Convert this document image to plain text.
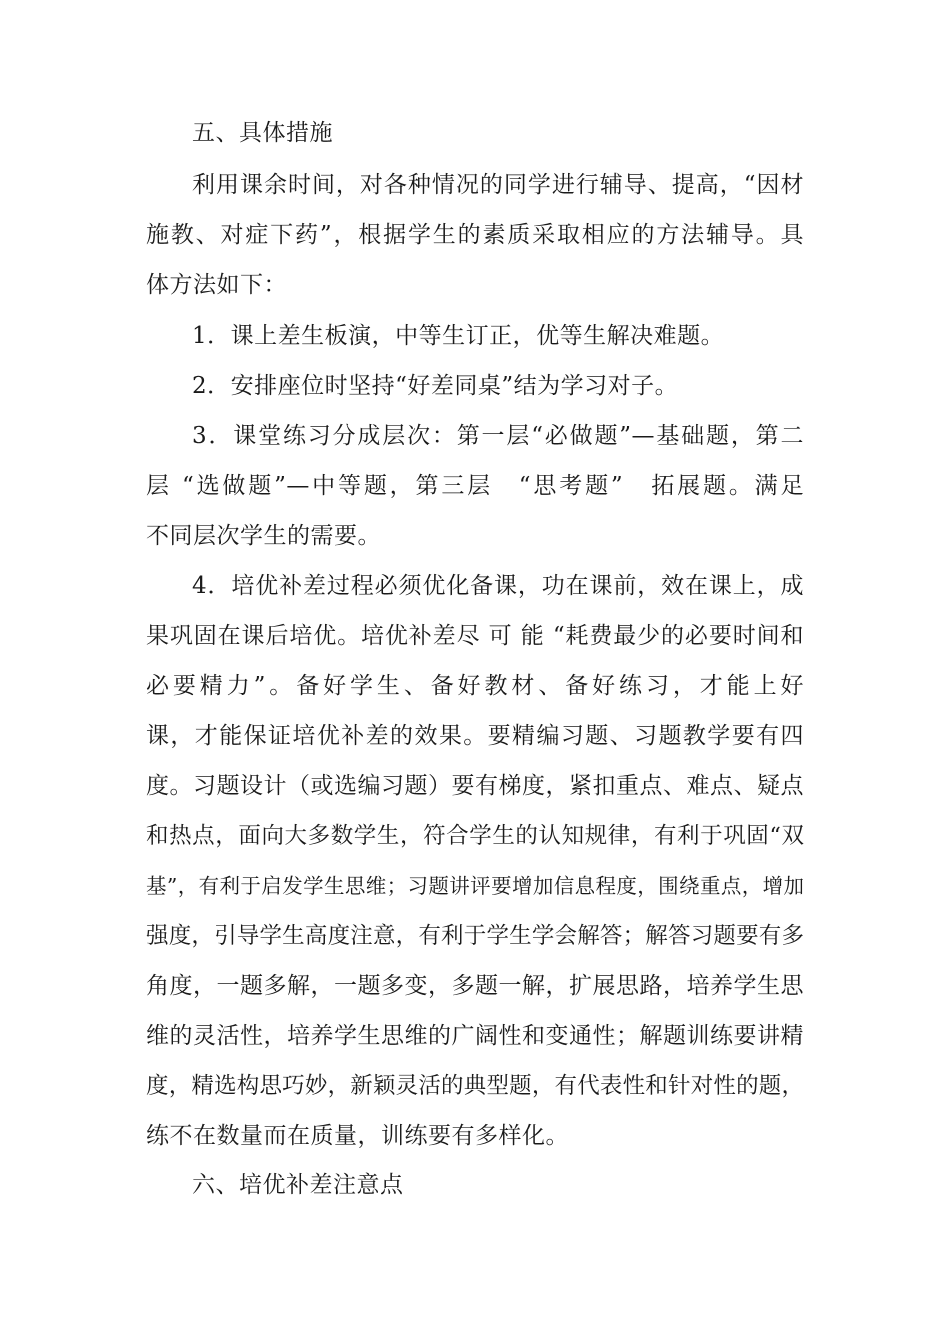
五、具体措施
利用课余时间，对各种情况的同学进行辅导、提高，“因材
施教、对症下药”，根据学生的素质采取相应的方法辅导。具
体方法如下：
1．课上差生板演，中等生订正，优等生解决难题。
2．安排座位时坚持“好差同桌”结为学习对子。
3．课堂练习分成层次：第一层“必做题”—基础题，第二
层 “选做题”—中等题，第三层　“思考题”　拓展题。满足
不同层次学生的需要。
4．培优补差过程必须优化备课，功在课前，效在课上，成
果巩固在课后培优。培优补差尽 可 能 “耗费最少的必要时间和
必要精力”。备好学生、备好教材、备好练习，才能上好
课，才能保证培优补差的效果。要精编习题、习题教学要有四
度。习题设计（或选编习题）要有梯度，紧扣重点、难点、疑点
和热点，面向大多数学生，符合学生的认知规律，有利于巩固“双
基”，有利于启发学生思维；习题讲评要增加信息程度，围绕重点，增加
强度，引导学生高度注意，有利于学生学会解答；解答习题要有多
角度，一题多解，一题多变，多题一解，扩展思路，培养学生思
维的灵活性，培养学生思维的广阔性和变通性；解题训练要讲精
度，精选构思巧妙，新颖灵活的典型题，有代表性和针对性的题，
练不在数量而在质量，训练要有多样化。
六、培优补差注意点
